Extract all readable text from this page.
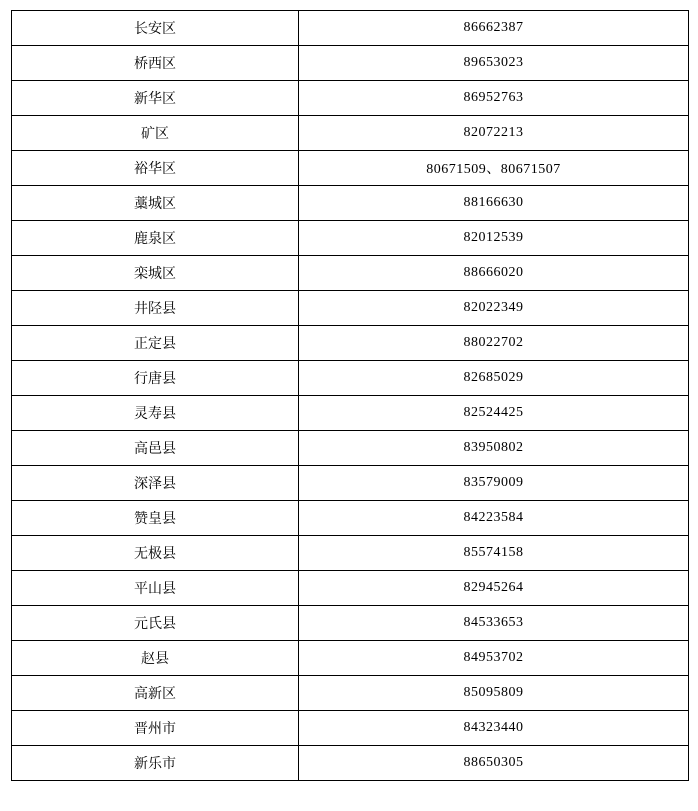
长安区	86662387
桥西区	89653023
新华区	86952763
矿区	82072213
裕华区	80671509、80671507
藁城区	88166630
鹿泉区	82012539
栾城区	88666020
井陉县	82022349
正定县	88022702
行唐县	82685029
灵寿县	82524425
高邑县	83950802
深泽县	83579009
赞皇县	84223584
无极县	85574158
平山县	82945264
元氏县	84533653
赵县	84953702
高新区	85095809
晋州市	84323440
新乐市	88650305
